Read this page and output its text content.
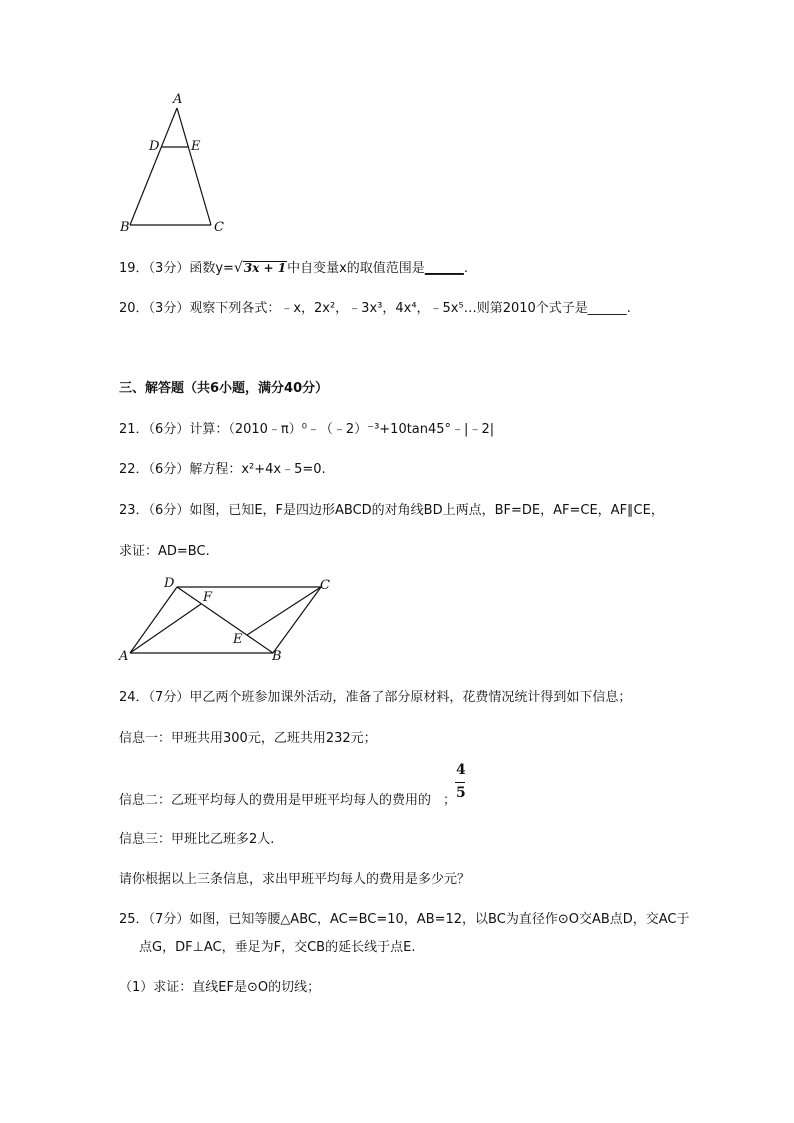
A
D E
B	C
19．（3分）函数y=√3x + 1中自变量x的取值范围是______.
20．（3分）观察下列各式：﹣x，2x²，﹣3x³，4x⁴，﹣5x⁵…则第2010个式子是______.
三、解答题（共6小题，满分40分）
21．（6分）计算：（2010﹣π）⁰﹣（﹣2）⁻³+10tan45°﹣|﹣2|
22．（6分）解方程：x²+4x﹣5=0.
23．（6分）如图，已知E，F是四边形ABCD的对角线BD上两点，BF=DE，AF=CE，AF∥CE，
求证：AD=BC.
D	C
F
E
A	B
24．（7分）甲乙两个班参加课外活动，准备了部分原材料，花费情况统计得到如下信息；
信息一：甲班共用300元，乙班共用232元；
信息二：乙班平均每人的费用是甲班平均每人的费用的 ；
4
5
信息三：甲班比乙班多2人.
请你根据以上三条信息，求出甲班平均每人的费用是多少元？
25．（7分）如图，已知等腰△ABC，AC=BC=10，AB=12，以BC为直径作⊙O交AB点D，交AC于
点G，DF⊥AC，垂足为F，交CB的延长线于点E.
（1）求证：直线EF是⊙O的切线；
